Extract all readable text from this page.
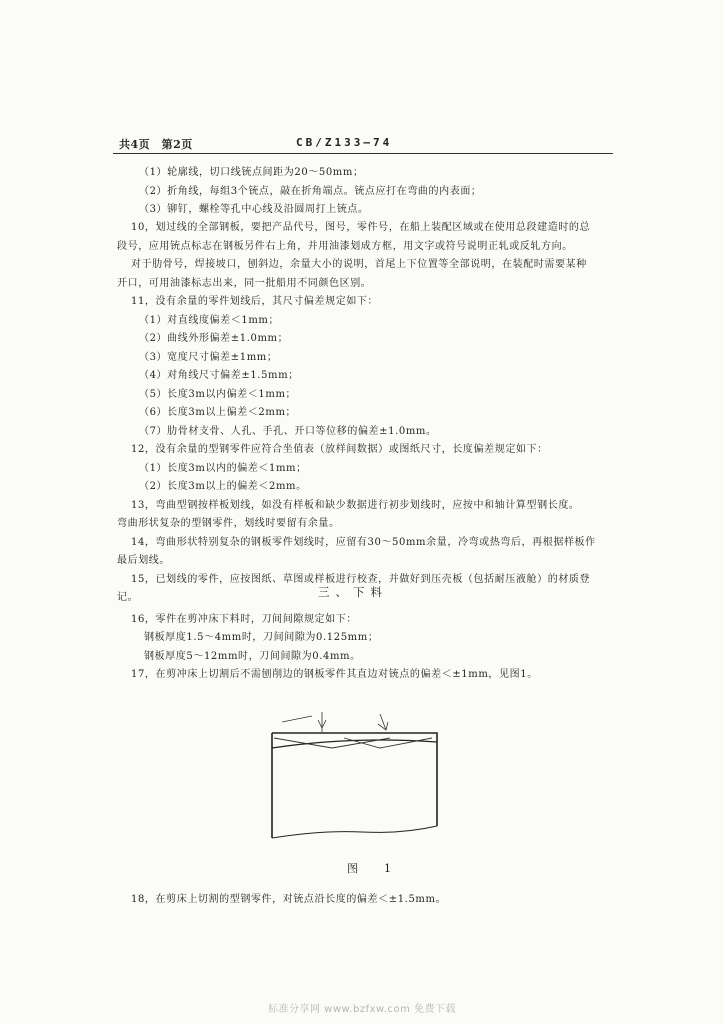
共4页　第2页	CB/Z133—74
（1）轮廓线，切口线铳点间距为20～50mm；
（2）折角线，每组3个铳点，敲在折角端点。铳点应打在弯曲的内表面；
（3）铆钉，螺栓等孔中心线及沿圆周打上铳点。
10，划过线的全部钢板，要把产品代号，图号，零件号，在船上装配区域或在使用总段建造时的总
段号，应用铳点标志在钢板另件右上角，并用油漆划成方框，用文字或符号说明正轧或反轧方向。
对于肋骨号，焊接坡口，刨斜边，余量大小的说明，首尾上下位置等全部说明，在装配时需要某种
开口，可用油漆标志出来，同一批船用不同颜色区别。
11，没有余量的零件划线后，其尺寸偏差规定如下：
（1）对直线度偏差＜1mm；
（2）曲线外形偏差±1.0mm；
（3）宽度尺寸偏差±1mm；
（4）对角线尺寸偏差±1.5mm；
（5）长度3m以内偏差＜1mm；
（6）长度3m以上偏差＜2mm；
（7）肋骨材支骨、人孔、手孔、开口等位移的偏差±1.0mm。
12，没有余量的型钢零件应符合坐值表（放样间数据）或图纸尺寸，长度偏差规定如下：
（1）长度3m以内的偏差＜1mm；
（2）长度3m以上的偏差＜2mm。
13，弯曲型钢按样板划线，如没有样板和缺少数据进行初步划线时，应按中和轴计算型钢长度。
弯曲形状复杂的型钢零件，划线时要留有余量。
14，弯曲形状特别复杂的钢板零件划线时，应留有30～50mm余量，冷弯或热弯后，再根据样板作
最后划线。
15，已划线的零件，应按图纸、草图或样板进行校查，并做好到压壳板（包括耐压液舱）的材质登
记。	三、下料
16，零件在剪冲床下料时，刀间间隙规定如下：
钢板厚度1.5～4mm时，刀间间隙为0.125mm；
钢板厚度5～12mm时，刀间间隙为0.4mm。
17，在剪冲床上切割后不需刨削边的钢板零件其直边对铳点的偏差＜±1mm，见图1。
图 1
18，在剪床上切割的型钢零件，对铳点沿长度的偏差＜±1.5mm。
标准分享网 www.bzfxw.com 免费下载
